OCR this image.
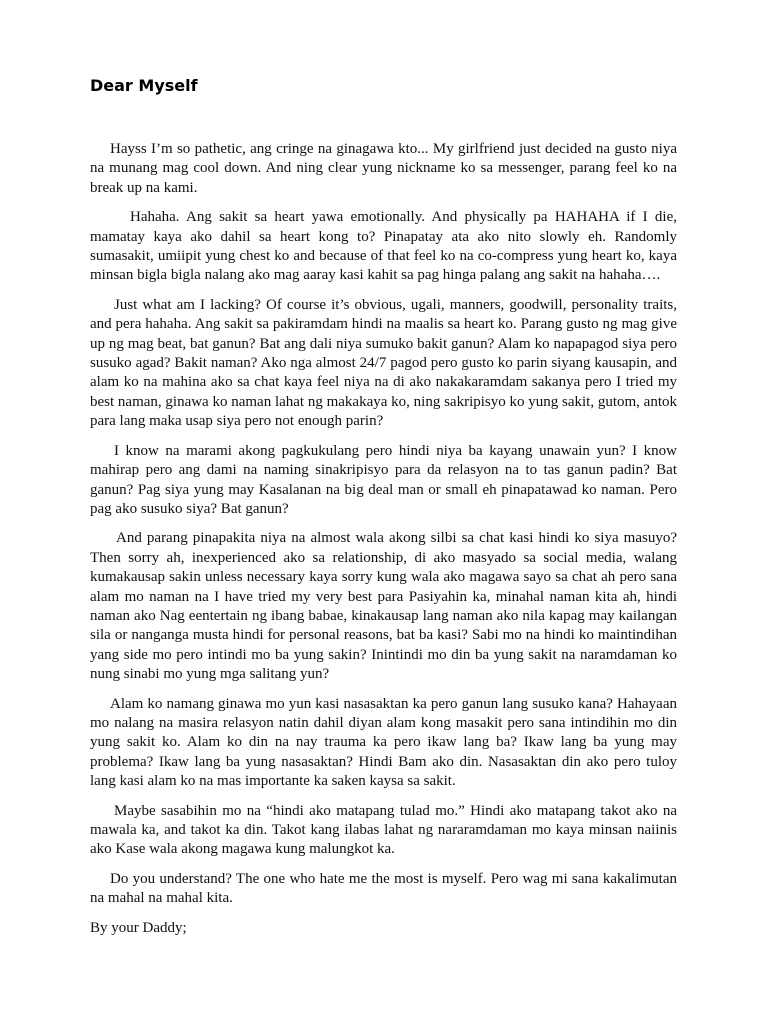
Dear Myself

Hayss I’m so pathetic, ang cringe na ginagawa kto... My girlfriend just decided na gusto niya na munang mag cool down. And ning clear yung nickname ko sa messenger, parang feel ko na break up na kami.

Hahaha. Ang sakit sa heart yawa emotionally. And physically pa HAHAHA if I die, mamatay kaya ako dahil sa heart kong to? Pinapatay ata ako nito slowly eh. Randomly sumasakit, umiipit yung chest ko and because of that feel ko na co-compress yung heart ko, kaya minsan bigla bigla nalang ako mag aaray kasi kahit sa pag hinga palang ang sakit na hahaha….

Just what am I lacking? Of course it’s obvious, ugali, manners, goodwill, personality traits, and pera hahaha. Ang sakit sa pakiramdam hindi na maalis sa heart ko. Parang gusto ng mag give up ng mag beat, bat ganun? Bat ang dali niya sumuko bakit ganun? Alam ko napapagod siya pero susuko agad? Bakit naman? Ako nga almost 24/7 pagod pero gusto ko parin siyang kausapin, and alam ko na mahina ako sa chat kaya feel niya na di ako nakakaramdam sakanya pero I tried my best naman, ginawa ko naman lahat ng makakaya ko, ning sakripisyo ko yung sakit, gutom, antok para lang maka usap siya pero not enough parin?

I know na marami akong pagkukulang pero hindi niya ba kayang unawain yun? I know mahirap pero ang dami na naming sinakripisyo para da relasyon na to tas ganun padin? Bat ganun? Pag siya yung may Kasalanan na big deal man or small eh pinapatawad ko naman. Pero pag ako susuko siya? Bat ganun?

And parang pinapakita niya na almost wala akong silbi sa chat kasi hindi ko siya masuyo? Then sorry ah, inexperienced ako sa relationship, di ako masyado sa social media, walang kumakausap sakin unless necessary kaya sorry kung wala ako magawa sayo sa chat ah pero sana alam mo naman na I have tried my very best para Pasiyahin ka, minahal naman kita ah, hindi naman ako Nag eentertain ng ibang babae, kinakausap lang naman ako nila kapag may kailangan sila or nanganga musta hindi for personal reasons, bat ba kasi? Sabi mo na hindi ko maintindihan yang side mo pero intindi mo ba yung sakin? Inintindi mo din ba yung sakit na naramdaman ko nung sinabi mo yung mga salitang yun?

Alam ko namang ginawa mo yun kasi nasasaktan ka pero ganun lang susuko kana? Hahayaan mo nalang na masira relasyon natin dahil diyan alam kong masakit pero sana intindihin mo din yung sakit ko. Alam ko din na nay trauma ka pero ikaw lang ba? Ikaw lang ba yung may problema? Ikaw lang ba yung nasasaktan? Hindi Bam ako din. Nasasaktan din ako pero tuloy lang kasi alam ko na mas importante ka saken kaysa sa sakit.

Maybe sasabihin mo na “hindi ako matapang tulad mo.” Hindi ako matapang takot ako na mawala ka, and takot ka din. Takot kang ilabas lahat ng nararamdaman mo kaya minsan naiinis ako Kase wala akong magawa kung malungkot ka.

Do you understand? The one who hate me the most is myself. Pero wag mi sana kakalimutan na mahal na mahal kita.

By your Daddy;
